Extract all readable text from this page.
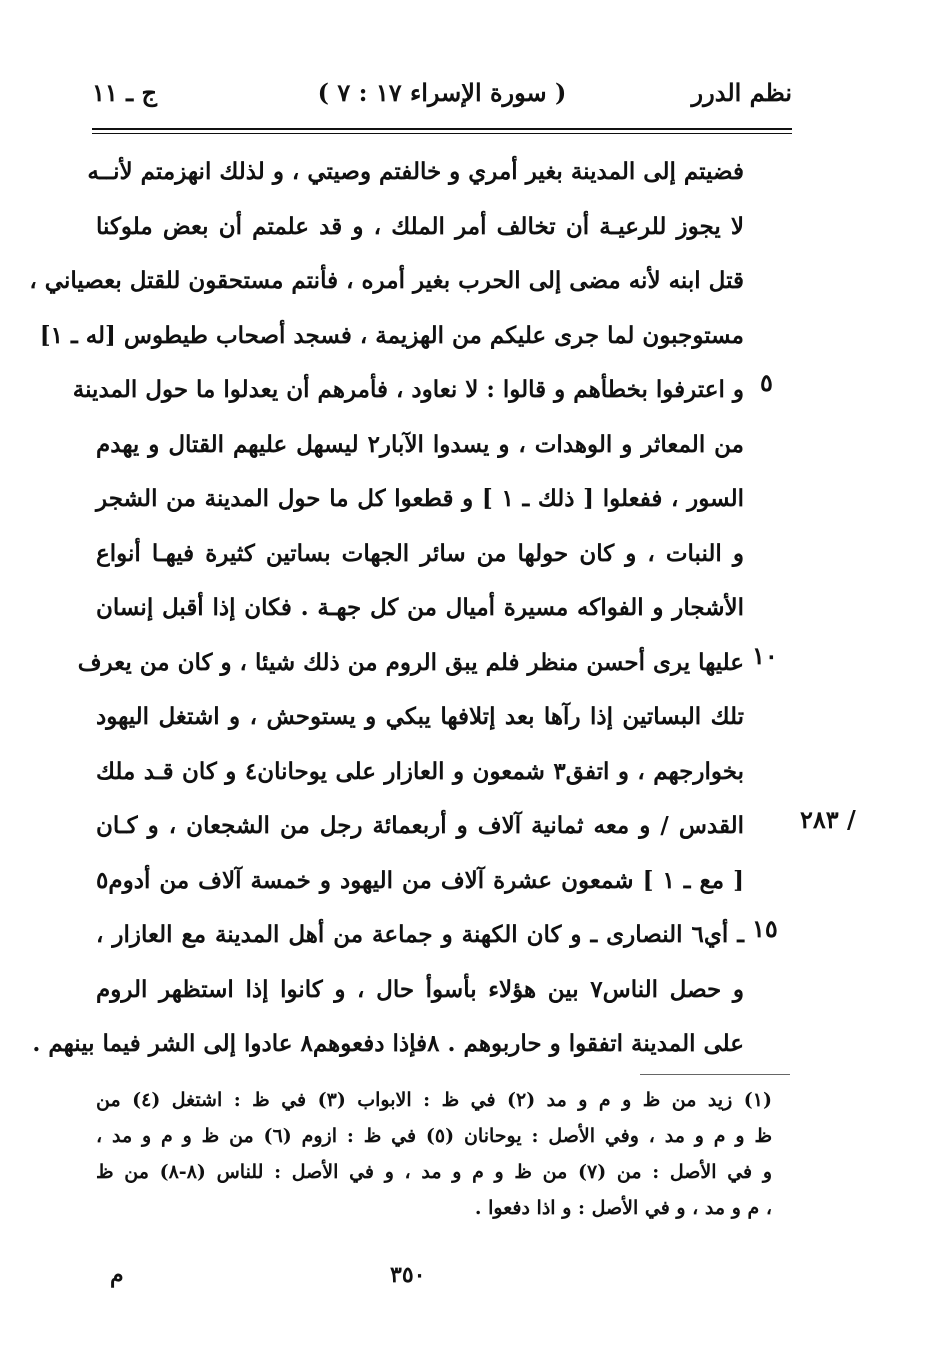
نظم الدرر
( سورة الإسراء ١٧ : ٧ )
ج ـ ١١
فضيتم إلى المدينة بغير أمري و خالفتم وصيتي ، و لذلك انهزمتم لأنــه
لا يجوز للرعيـة أن تخالف أمر الملك ، و قد علمتم أن بعض ملوكنا
قتل ابنه لأنه مضى إلى الحرب بغير أمره ، فأنتم مستحقون للقتل بعصياني ،
مستوجبون لما جرى عليكم من الهزيمة ، فسجد أصحاب طيطوس [له ـ ١]
و اعترفوا بخطأهم و قالوا : لا نعاود ، فأمرهم أن يعدلوا ما حول المدينة
من المعاثر و الوهدات ، و يسدوا الآبار٢ ليسهل عليهم القتال و يهدم
السور ، ففعلوا [ ذلك ـ ١ ] و قطعوا كل ما حول المدينة من الشجر
و النبات ، و كان حولها من سائر الجهات بساتين كثيرة فيهـا أنواع
الأشجار و الفواكه مسيرة أميال من كل جهـة . فكان إذا أقبل إنسان
عليها يرى أحسن منظر فلم يبق الروم من ذلك شيئا ، و كان من يعرف
تلك البساتين إذا رآها بعد إتلافها يبكي و يستوحش ، و اشتغل اليهود
بخوارجهم ، و اتفق٣ شمعون و العازار على يوحانان٤ و كان قـد ملك
القدس / و معه ثمانية آلاف و أربعمائة رجل من الشجعان ، و كـان
[ مع ـ ١ ] شمعون عشرة آلاف من اليهود و خمسة آلاف من أدوم٥
ـ أي٦ النصارى ـ و كان الكهنة و جماعة من أهل المدينة مع العازار ،
و حصل الناس٧ بين هؤلاء بأسوأ حال ، و كانوا إذا استظهر الروم
على المدينة اتفقوا و حاربوهم . ٨فإذا دفعوهم٨ عادوا إلى الشر فيما بينهم .
٥
١٠
١٥
/ ٢٨٣
(١) زيد من ظ و م و مد (٢) في ظ : الابواب (٣) في ظ : اشتغل (٤) من
ظ و م و مد ، وفي الأصل : يوحانان (٥) في ظ : ازوم (٦) من ظ و م و مد ،
و في الأصل : من (٧) من ظ و م و مد ، و في الأصل : للناس (٨-٨) من ظ
، م و مد ، و في الأصل : و اذا دفعوا .
٣٥٠
م
